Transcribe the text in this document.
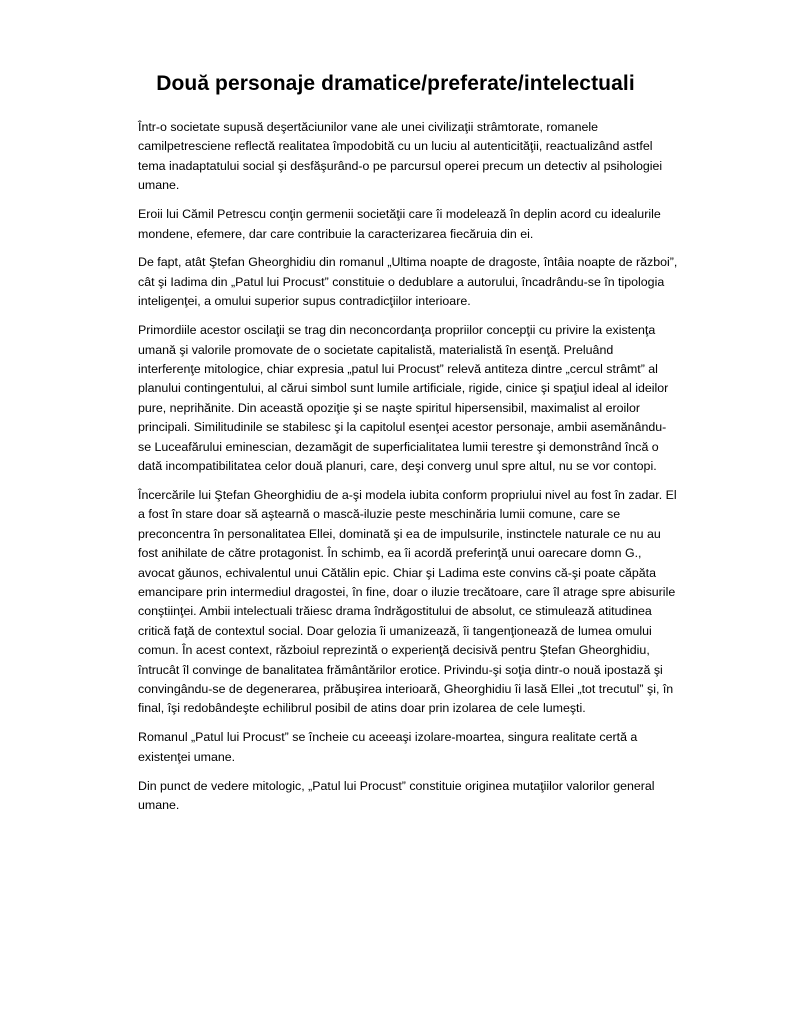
Două personaje dramatice/preferate/intelectuali

Într-o societate supusă deşertăciunilor vane ale unei civilizaţii strâmtorate, romanele camilpetresciene reflectă realitatea împodobită cu un luciu al autenticităţii, reactualizând astfel tema inadaptatului social şi desfăşurând-o pe parcursul operei precum un detectiv al psihologiei umane.

Eroii lui Cămil Petrescu conţin germenii societăţii care îi modelează în deplin acord cu idealurile mondene, efemere, dar care contribuie la caracterizarea fiecăruia din ei.

De fapt, atât Ştefan Gheorghidiu din romanul „Ultima noapte de dragoste, întâia noapte de război”, cât şi Iadima din „Patul lui Procust” constituie o dedublare a autorului, încadrându-se în tipologia inteligenţei, a omului superior supus contradicţiilor interioare.

Primordiile acestor oscilaţii se trag din neconcordanţa propriilor concepţii cu privire la existenţa umană şi valorile promovate de o societate capitalistă, materialistă în esenţă. Preluând interferenţe mitologice, chiar expresia „patul lui Procust” relevă antiteza dintre „cercul strâmt” al planului contingentului, al cărui simbol sunt lumile artificiale, rigide, cinice şi spaţiul ideal al ideilor pure, neprihănite. Din această opoziţie şi se naşte spiritul hipersensibil, maximalist al eroilor principali. Similitudinile se stabilesc şi la capitolul esenţei acestor personaje, ambii asemănându-se Luceafărului eminescian, dezamăgit de superficialitatea lumii terestre şi demonstrând încă o dată incompatibilitatea celor două planuri, care, deşi converg unul spre altul, nu se vor contopi.

Încercările lui Ştefan Gheorghidiu de a-şi modela iubita conform propriului nivel au fost în zadar. El a fost în stare doar să aştearnă o mască-iluzie peste meschinăria lumii comune, care se preconcentra în personalitatea Ellei, dominată şi ea de impulsurile, instinctele naturale ce nu au fost anihilate de către protagonist. În schimb, ea îi acordă preferinţă unui oarecare domn G., avocat găunos, echivalentul unui Cătălin epic. Chiar şi Ladima este convins că-şi poate căpăta emancipare prin intermediul dragostei, în fine, doar o iluzie trecătoare, care îl atrage spre abisurile conştiinţei. Ambii intelectuali trăiesc drama îndrăgostitului de absolut, ce stimulează atitudinea critică faţă de contextul social. Doar gelozia îi umanizează, îi tangenţionează de lumea omului comun. În acest context, războiul reprezintă o experienţă decisivă pentru Ştefan Gheorghidiu, întrucât îl convinge de banalitatea frământărilor erotice. Privindu-şi soţia dintr-o nouă ipostază şi convingându-se de degenerarea, prăbuşirea interioară, Gheorghidiu îi lasă Ellei „tot trecutul” şi, în final, îşi redobândeşte echilibrul posibil de atins doar prin izolarea de cele lumeşti.

Romanul „Patul lui Procust” se încheie cu aceeaşi izolare-moartea, singura realitate certă a existenţei umane.

Din punct de vedere mitologic, „Patul lui Procust” constituie originea mutaţiilor valorilor general umane.
